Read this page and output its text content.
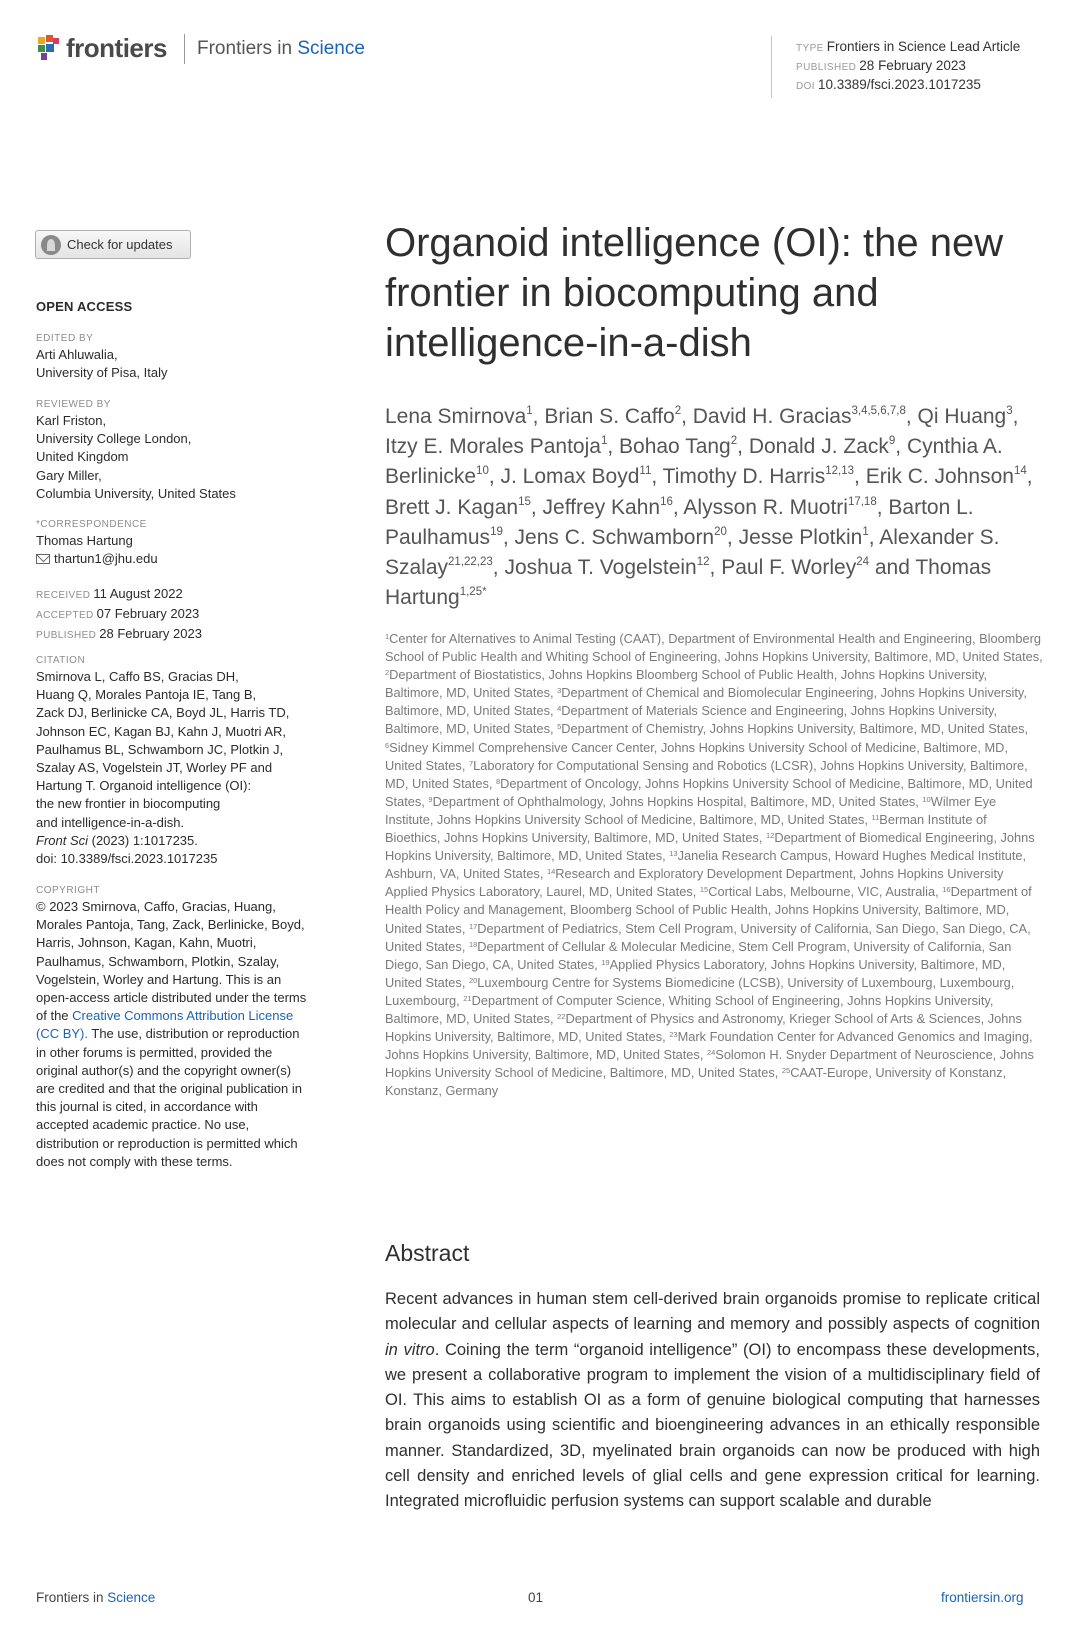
frontiers Frontiers in Science	TYPE Frontiers in Science Lead Article
PUBLISHED 28 February 2023
DOI 10.3389/fsci.2023.1017235
Check for updates
OPEN ACCESS
EDITED BY
Arti Ahluwalia,
University of Pisa, Italy
REVIEWED BY
Karl Friston,
University College London,
United Kingdom
Gary Miller,
Columbia University, United States
*CORRESPONDENCE
Thomas Hartung
thartun1@jhu.edu
RECEIVED 11 August 2022
ACCEPTED 07 February 2023
PUBLISHED 28 February 2023
CITATION
Smirnova L, Caffo BS, Gracias DH,
Huang Q, Morales Pantoja IE, Tang B,
Zack DJ, Berlinicke CA, Boyd JL, Harris TD,
Johnson EC, Kagan BJ, Kahn J, Muotri AR,
Paulhamus BL, Schwamborn JC, Plotkin J,
Szalay AS, Vogelstein JT, Worley PF and
Hartung T. Organoid intelligence (OI):
the new frontier in biocomputing
and intelligence-in-a-dish.
Front Sci (2023) 1:1017235.
doi: 10.3389/fsci.2023.1017235
COPYRIGHT
© 2023 Smirnova, Caffo, Gracias, Huang, Morales Pantoja, Tang, Zack, Berlinicke, Boyd, Harris, Johnson, Kagan, Kahn, Muotri, Paulhamus, Schwamborn, Plotkin, Szalay, Vogelstein, Worley and Hartung. This is an open-access article distributed under the terms of the Creative Commons Attribution License (CC BY). The use, distribution or reproduction in other forums is permitted, provided the original author(s) and the copyright owner(s) are credited and that the original publication in this journal is cited, in accordance with accepted academic practice. No use, distribution or reproduction is permitted which does not comply with these terms.
Organoid intelligence (OI): the new frontier in biocomputing and intelligence-in-a-dish
Lena Smirnova$^1$, Brian S. Caffo$^2$, David H. Gracias$^{3,4,5,6,7,8}$, Qi Huang$^3$, Itzy E. Morales Pantoja$^1$, Bohao Tang$^2$, Donald J. Zack$^9$, Cynthia A. Berlinicke$^{10}$, J. Lomax Boyd$^{11}$, Timothy D. Harris$^{12,13}$, Erik C. Johnson$^{14}$, Brett J. Kagan$^{15}$, Jeffrey Kahn$^{16}$, Alysson R. Muotri$^{17,18}$, Barton L. Paulhamus$^{19}$, Jens C. Schwamborn$^{20}$, Jesse Plotkin$^1$, Alexander S. Szalay$^{21,22,23}$, Joshua T. Vogelstein$^{12}$, Paul F. Worley$^{24}$ and Thomas Hartung$^{1,25*}$
$^1$Center for Alternatives to Animal Testing (CAAT), Department of Environmental Health and Engineering, Bloomberg School of Public Health and Whiting School of Engineering, Johns Hopkins University, Baltimore, MD, United States, $^2$Department of Biostatistics, Johns Hopkins Bloomberg School of Public Health, Johns Hopkins University, Baltimore, MD, United States, $^3$Department of Chemical and Biomolecular Engineering, Johns Hopkins University, Baltimore, MD, United States, $^4$Department of Materials Science and Engineering, Johns Hopkins University, Baltimore, MD, United States, $^5$Department of Chemistry, Johns Hopkins University, Baltimore, MD, United States, $^6$Sidney Kimmel Comprehensive Cancer Center, Johns Hopkins University School of Medicine, Baltimore, MD, United States, $^7$Laboratory for Computational Sensing and Robotics (LCSR), Johns Hopkins University, Baltimore, MD, United States, $^8$Department of Oncology, Johns Hopkins University School of Medicine, Baltimore, MD, United States, $^9$Department of Ophthalmology, Johns Hopkins Hospital, Baltimore, MD, United States, $^{10}$Wilmer Eye Institute, Johns Hopkins University School of Medicine, Baltimore, MD, United States, $^{11}$Berman Institute of Bioethics, Johns Hopkins University, Baltimore, MD, United States, $^{12}$Department of Biomedical Engineering, Johns Hopkins University, Baltimore, MD, United States, $^{13}$Janelia Research Campus, Howard Hughes Medical Institute, Ashburn, VA, United States, $^{14}$Research and Exploratory Development Department, Johns Hopkins University Applied Physics Laboratory, Laurel, MD, United States, $^{15}$Cortical Labs, Melbourne, VIC, Australia, $^{16}$Department of Health Policy and Management, Bloomberg School of Public Health, Johns Hopkins University, Baltimore, MD, United States, $^{17}$Department of Pediatrics, Stem Cell Program, University of California, San Diego, San Diego, CA, United States, $^{18}$Department of Cellular & Molecular Medicine, Stem Cell Program, University of California, San Diego, San Diego, CA, United States, $^{19}$Applied Physics Laboratory, Johns Hopkins University, Baltimore, MD, United States, $^{20}$Luxembourg Centre for Systems Biomedicine (LCSB), University of Luxembourg, Luxembourg, Luxembourg, $^{21}$Department of Computer Science, Whiting School of Engineering, Johns Hopkins University, Baltimore, MD, United States, $^{22}$Department of Physics and Astronomy, Krieger School of Arts & Sciences, Johns Hopkins University, Baltimore, MD, United States, $^{23}$Mark Foundation Center for Advanced Genomics and Imaging, Johns Hopkins University, Baltimore, MD, United States, $^{24}$Solomon H. Snyder Department of Neuroscience, Johns Hopkins University School of Medicine, Baltimore, MD, United States, $^{25}$CAAT-Europe, University of Konstanz, Konstanz, Germany
Abstract
Recent advances in human stem cell-derived brain organoids promise to replicate critical molecular and cellular aspects of learning and memory and possibly aspects of cognition in vitro. Coining the term “organoid intelligence” (OI) to encompass these developments, we present a collaborative program to implement the vision of a multidisciplinary field of OI. This aims to establish OI as a form of genuine biological computing that harnesses brain organoids using scientific and bioengineering advances in an ethically responsible manner. Standardized, 3D, myelinated brain organoids can now be produced with high cell density and enriched levels of glial cells and gene expression critical for learning. Integrated microfluidic perfusion systems can support scalable and durable
Frontiers in Science	01	frontiersin.org
